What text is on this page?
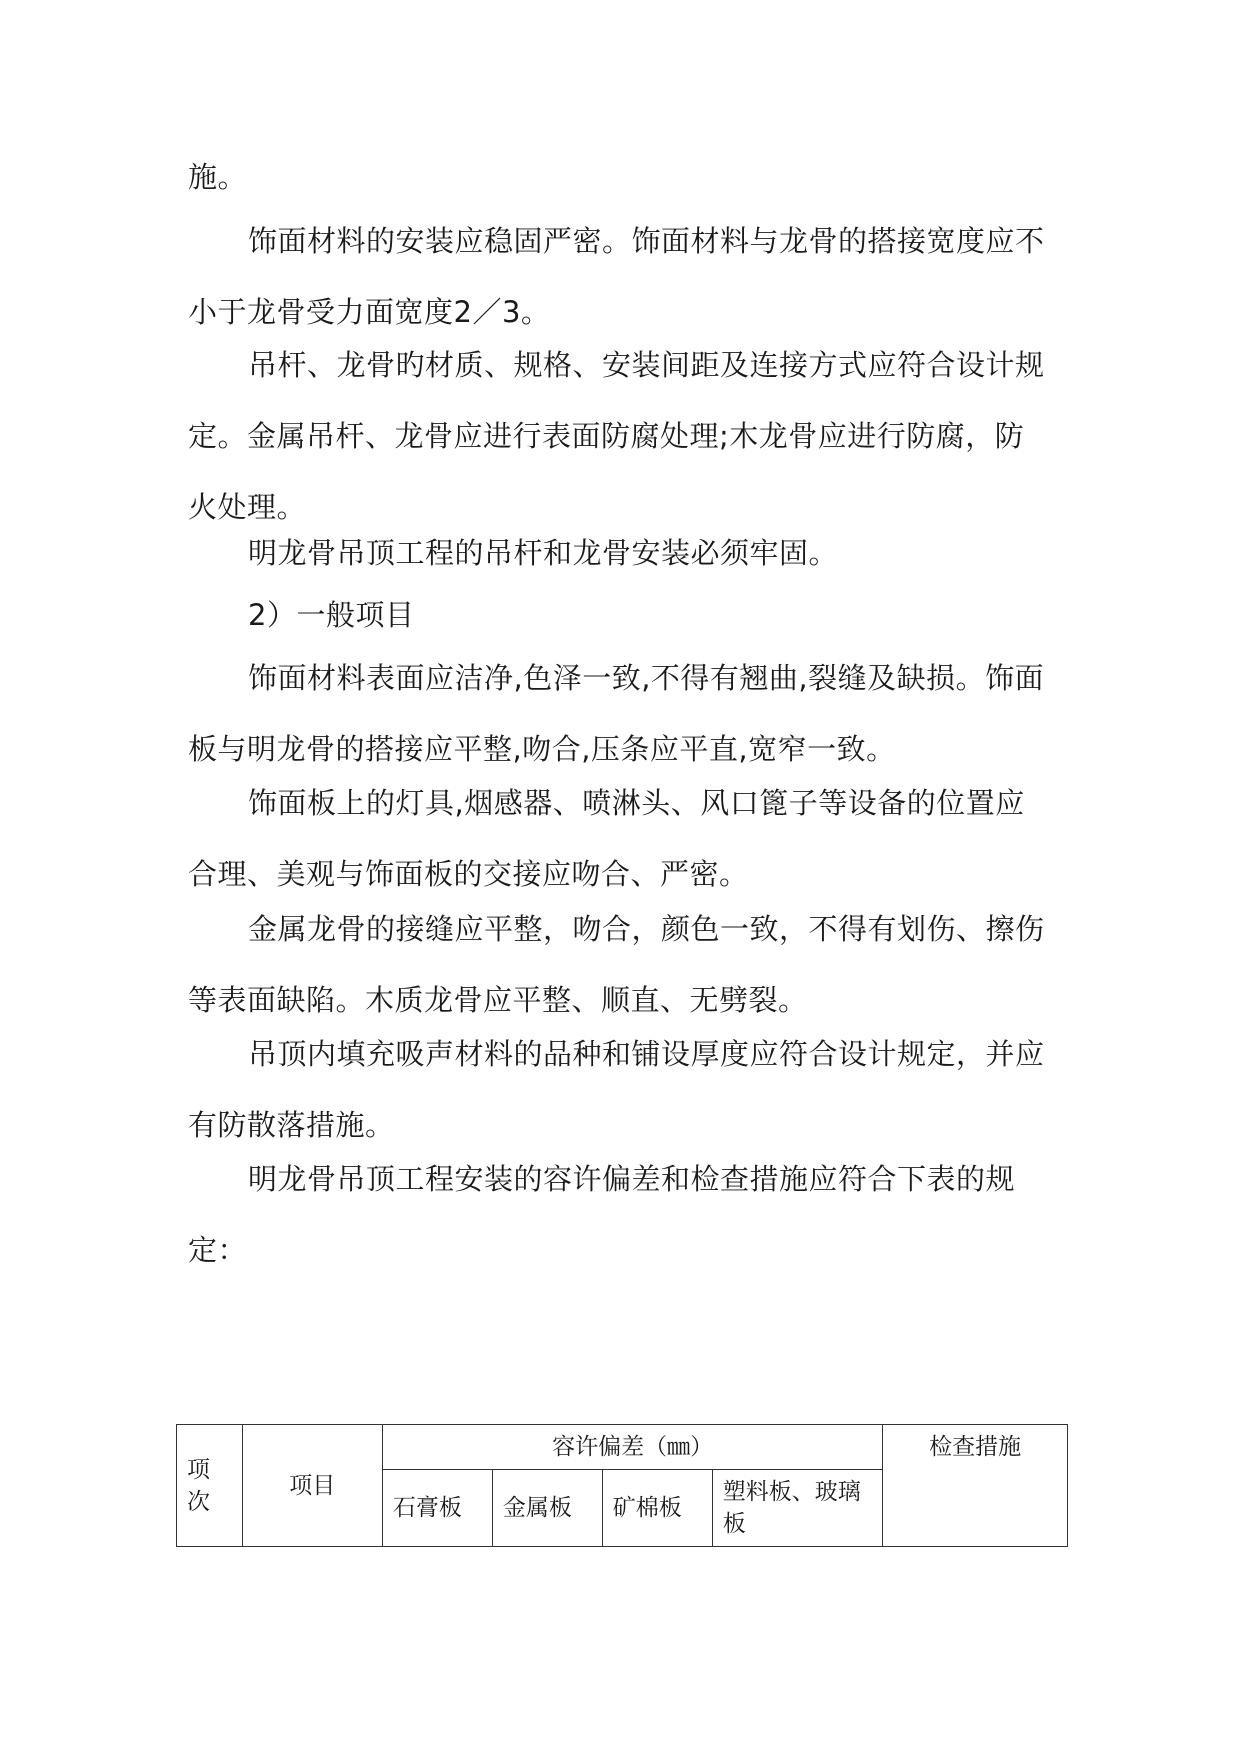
施。

饰面材料的安装应稳固严密。饰面材料与龙骨的搭接宽度应不小于龙骨受力面宽度2／3。

吊杆、龙骨旳材质、规格、安装间距及连接方式应符合设计规定。金属吊杆、龙骨应进行表面防腐处理;木龙骨应进行防腐，防火处理。

明龙骨吊顶工程的吊杆和龙骨安装必须牢固。

2）一般项目

饰面材料表面应洁净,色泽一致,不得有翘曲,裂缝及缺损。饰面板与明龙骨的搭接应平整,吻合,压条应平直,宽窄一致。

饰面板上的灯具,烟感器、喷淋头、风口篦子等设备的位置应合理、美观与饰面板的交接应吻合、严密。

金属龙骨的接缝应平整，吻合，颜色一致，不得有划伤、擦伤等表面缺陷。木质龙骨应平整、顺直、无劈裂。

吊顶内填充吸声材料的品种和铺设厚度应符合设计规定，并应有防散落措施。

明龙骨吊顶工程安装的容许偏差和检查措施应符合下表的规定：

项次	项目	容许偏差（㎜）				检查措施
		石膏板	金属板	矿棉板	塑料板、玻璃板	
